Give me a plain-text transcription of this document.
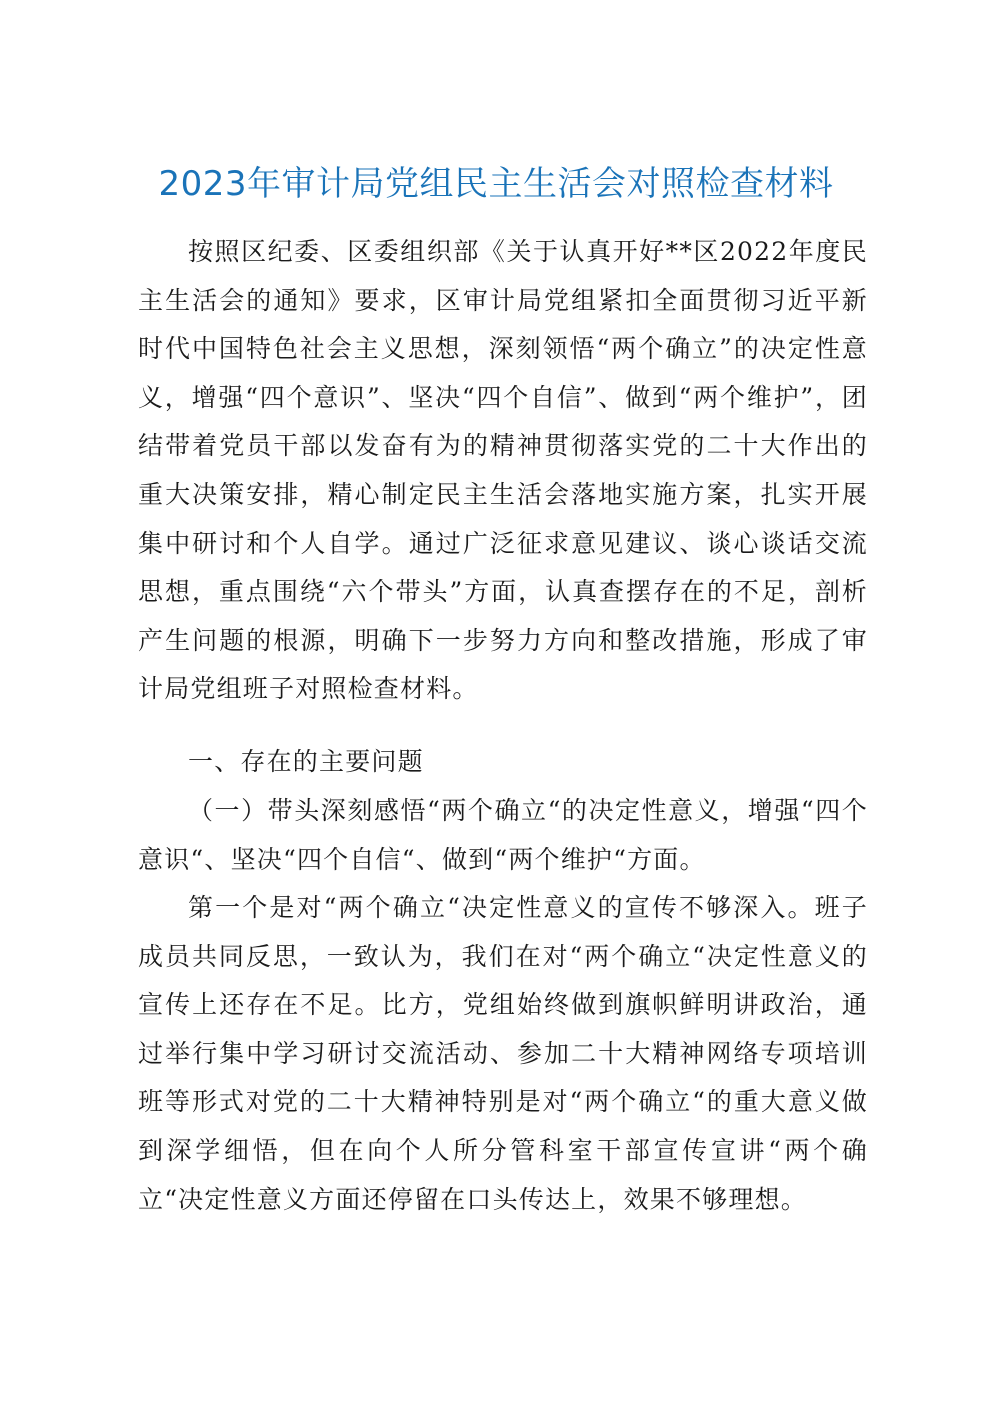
2023年审计局党组民主生活会对照检查材料

按照区纪委、区委组织部《关于认真开好**区2022年度民主生活会的通知》要求，区审计局党组紧扣全面贯彻习近平新时代中国特色社会主义思想，深刻领悟“两个确立”的决定性意义，增强“四个意识”、坚决“四个自信”、做到“两个维护”，团结带着党员干部以发奋有为的精神贯彻落实党的二十大作出的重大决策安排，精心制定民主生活会落地实施方案，扎实开展集中研讨和个人自学。通过广泛征求意见建议、谈心谈话交流思想，重点围绕“六个带头”方面，认真查摆存在的不足，剖析产生问题的根源，明确下一步努力方向和整改措施，形成了审计局党组班子对照检查材料。

一、存在的主要问题

（一）带头深刻感悟“两个确立“的决定性意义，增强“四个意识“、坚决“四个自信“、做到“两个维护“方面。

第一个是对“两个确立“决定性意义的宣传不够深入。班子成员共同反思，一致认为，我们在对“两个确立“决定性意义的宣传上还存在不足。比方，党组始终做到旗帜鲜明讲政治，通过举行集中学习研讨交流活动、参加二十大精神网络专项培训班等形式对党的二十大精神特别是对“两个确立“的重大意义做到深学细悟，但在向个人所分管科室干部宣传宣讲“两个确立“决定性意义方面还停留在口头传达上，效果不够理想。
